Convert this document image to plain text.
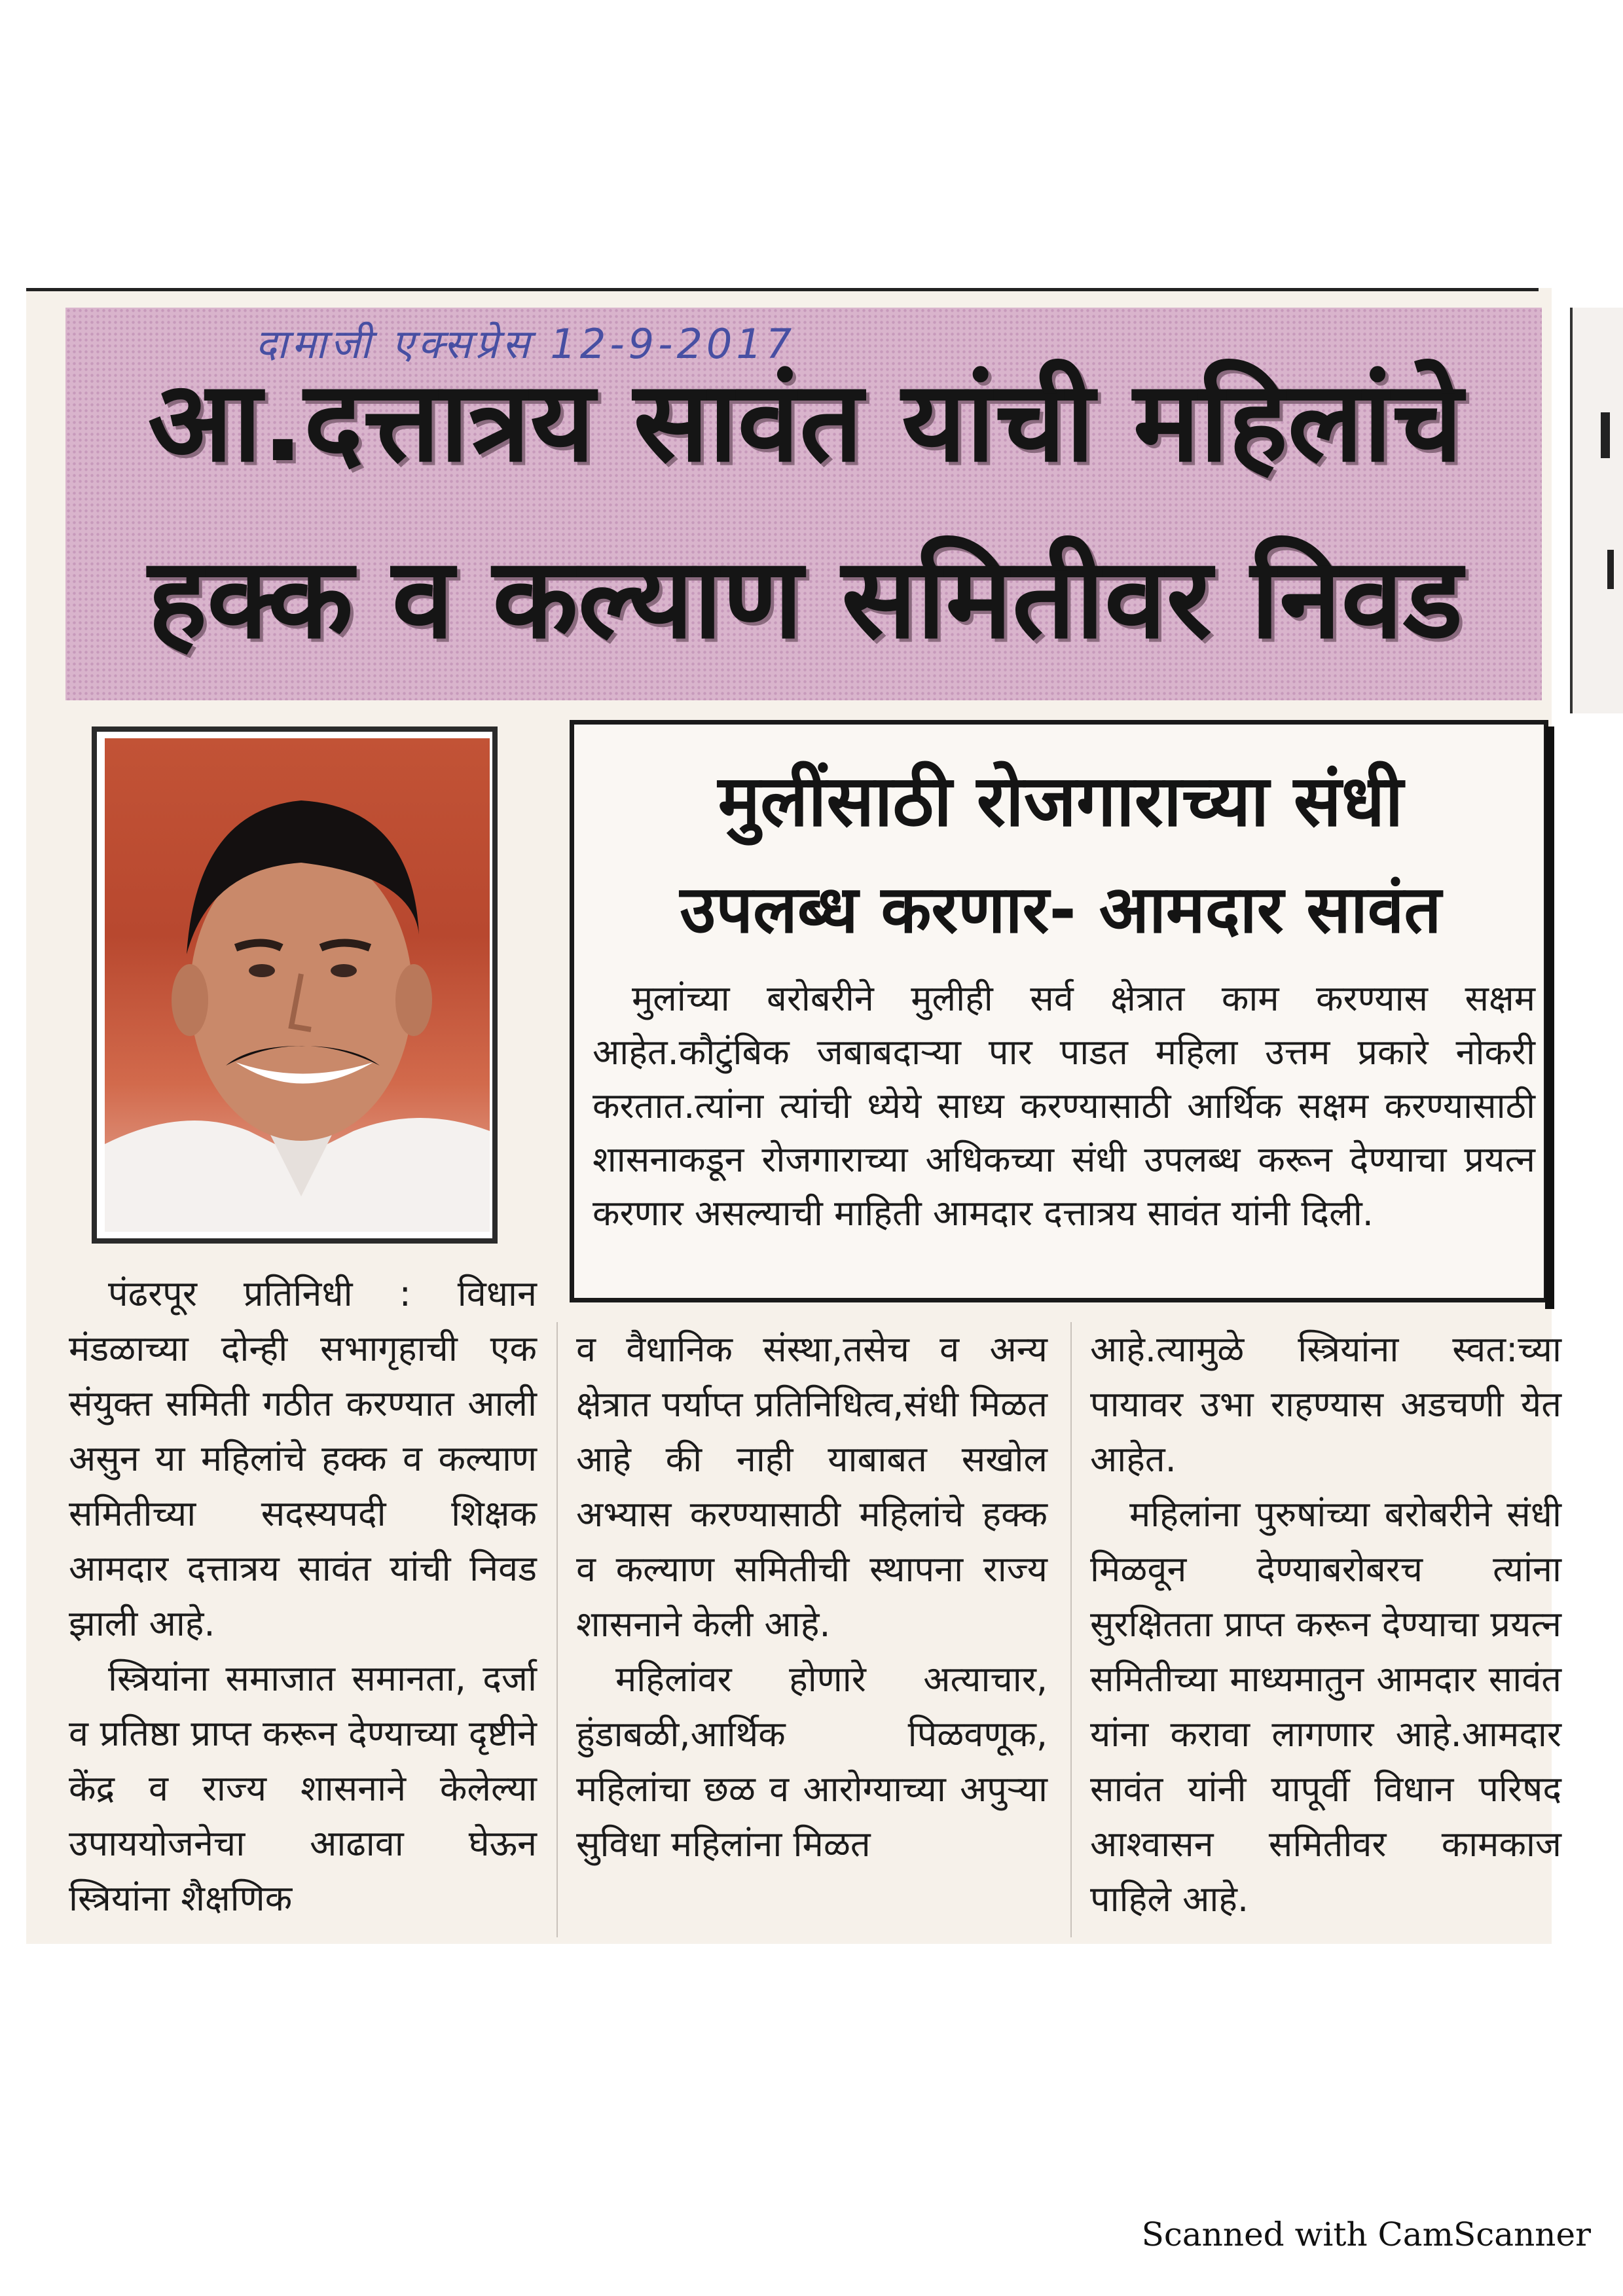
दामाजी एक्सप्रेस 12-9-2017
आ.दत्तात्रय सावंत यांची महिलांचे
हक्क व कल्याण समितीवर निवड
मुलींसाठी रोजगाराच्या संधी
उपलब्ध करणार- आमदार सावंत
मुलांच्या बरोबरीने मुलीही सर्व क्षेत्रात काम करण्यास सक्षम आहेत.कौटुंबिक जबाबदाऱ्या पार पाडत महिला उत्तम प्रकारे नोकरी करतात.त्यांना त्यांची ध्येये साध्य करण्यासाठी आर्थिक सक्षम करण्यासाठी शासनाकडून रोजगाराच्या अधिकच्या संधी उपलब्ध करून देण्याचा प्रयत्न करणार असल्याची माहिती आमदार दत्तात्रय सावंत यांनी दिली.

पंढरपूर प्रतिनिधी : विधान मंडळाच्या दोन्ही सभागृहाची एक संयुक्त समिती गठीत करण्यात आली असुन या महिलांचे हक्क व कल्याण समितीच्या सदस्यपदी शिक्षक आमदार दत्तात्रय सावंत यांची निवड झाली आहे.

स्त्रियांना समाजात समानता, दर्जा व प्रतिष्ठा प्राप्त करून देण्याच्या दृष्टीने केंद्र व राज्य शासनाने केलेल्या उपाययोजनेचा आढावा घेऊन स्त्रियांना शैक्षणिक

व वैधानिक संस्था,तसेच व अन्य क्षेत्रात पर्याप्त प्रतिनिधित्व,संधी मिळत आहे की नाही याबाबत सखोल अभ्यास करण्यासाठी महिलांचे हक्क व कल्याण समितीची स्थापना राज्य शासनाने केली आहे.

महिलांवर होणारे अत्याचार, हुंडाबळी,आर्थिक पिळवणूक, महिलांचा छळ व आरोग्याच्या अपुऱ्या सुविधा महिलांना मिळत

आहे.त्यामुळे स्त्रियांना स्वत:च्या पायावर उभा राहण्यास अडचणी येत आहेत.

महिलांना पुरुषांच्या बरोबरीने संधी मिळवून देण्याबरोबरच त्यांना सुरक्षितता प्राप्त करून देण्याचा प्रयत्न समितीच्या माध्यमातुन आमदार सावंत यांना करावा लागणार आहे.आमदार सावंत यांनी यापूर्वी विधान परिषद आश्वासन समितीवर कामकाज पाहिले आहे.

Scanned with CamScanner
